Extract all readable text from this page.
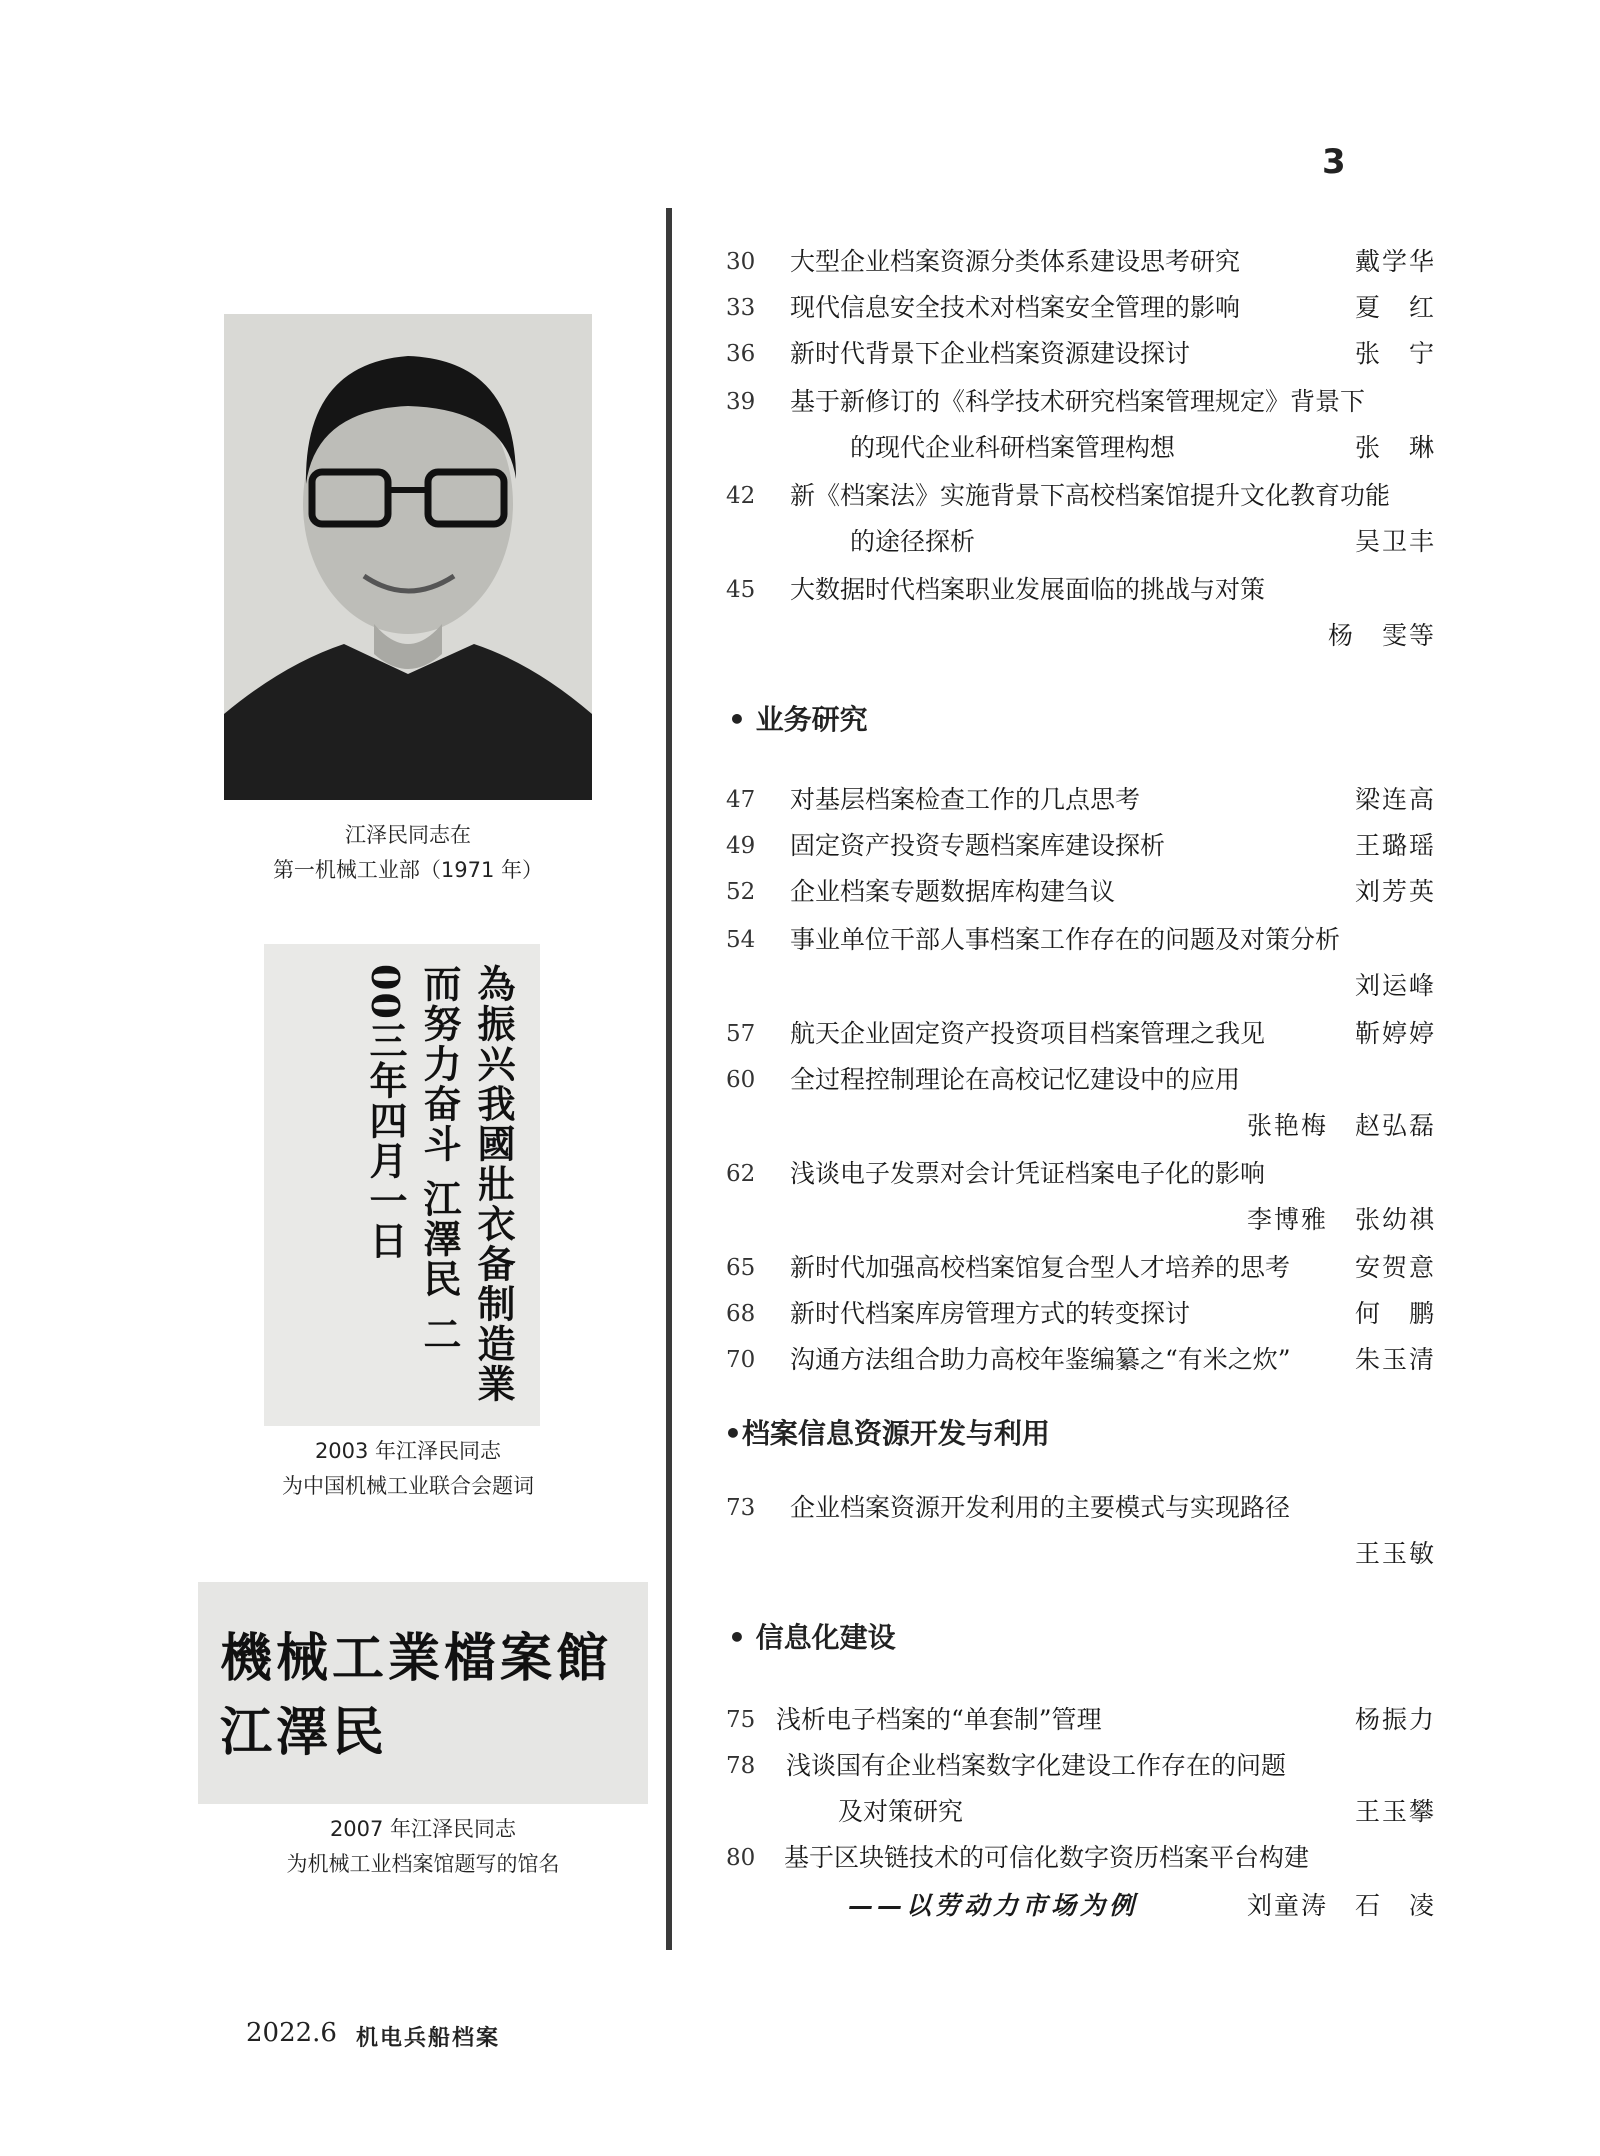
3
江泽民同志在
第一机械工业部（1971 年）
為振兴我國壯衣备制造業而努力奋斗 江澤民 二00三年四月一日
2003 年江泽民同志
为中国机械工业联合会题词
機械工業檔案館 江澤民
2007 年江泽民同志
为机械工业档案馆题写的馆名
30	大型企业档案资源分类体系建设思考研究	戴学华
33	现代信息安全技术对档案安全管理的影响	夏　红
36	新时代背景下企业档案资源建设探讨	张　宁
39	基于新修订的《科学技术研究档案管理规定》背景下
的现代企业科研档案管理构想	张　琳
42	新《档案法》实施背景下高校档案馆提升文化教育功能
的途径探析	吴卫丰
45	大数据时代档案职业发展面临的挑战与对策
杨　雯等
• 业务研究
47	对基层档案检查工作的几点思考	梁连高
49	固定资产投资专题档案库建设探析	王璐瑶
52	企业档案专题数据库构建刍议	刘芳英
54	事业单位干部人事档案工作存在的问题及对策分析
刘运峰
57	航天企业固定资产投资项目档案管理之我见	靳婷婷
60	全过程控制理论在高校记忆建设中的应用
张艳梅　赵弘磊
62	浅谈电子发票对会计凭证档案电子化的影响
李博雅　张幼祺
65	新时代加强高校档案馆复合型人才培养的思考	安贺意
68	新时代档案库房管理方式的转变探讨	何　鹏
70	沟通方法组合助力高校年鉴编纂之“有米之炊”	朱玉清
•档案信息资源开发与利用
73	企业档案资源开发利用的主要模式与实现路径
王玉敏
• 信息化建设
75 浅析电子档案的“单套制”管理	杨振力
78	浅谈国有企业档案数字化建设工作存在的问题
及对策研究	王玉攀
80	基于区块链技术的可信化数字资历档案平台构建
——以劳动力市场为例	刘童涛　石　凌
2022.6 机电兵船档案
